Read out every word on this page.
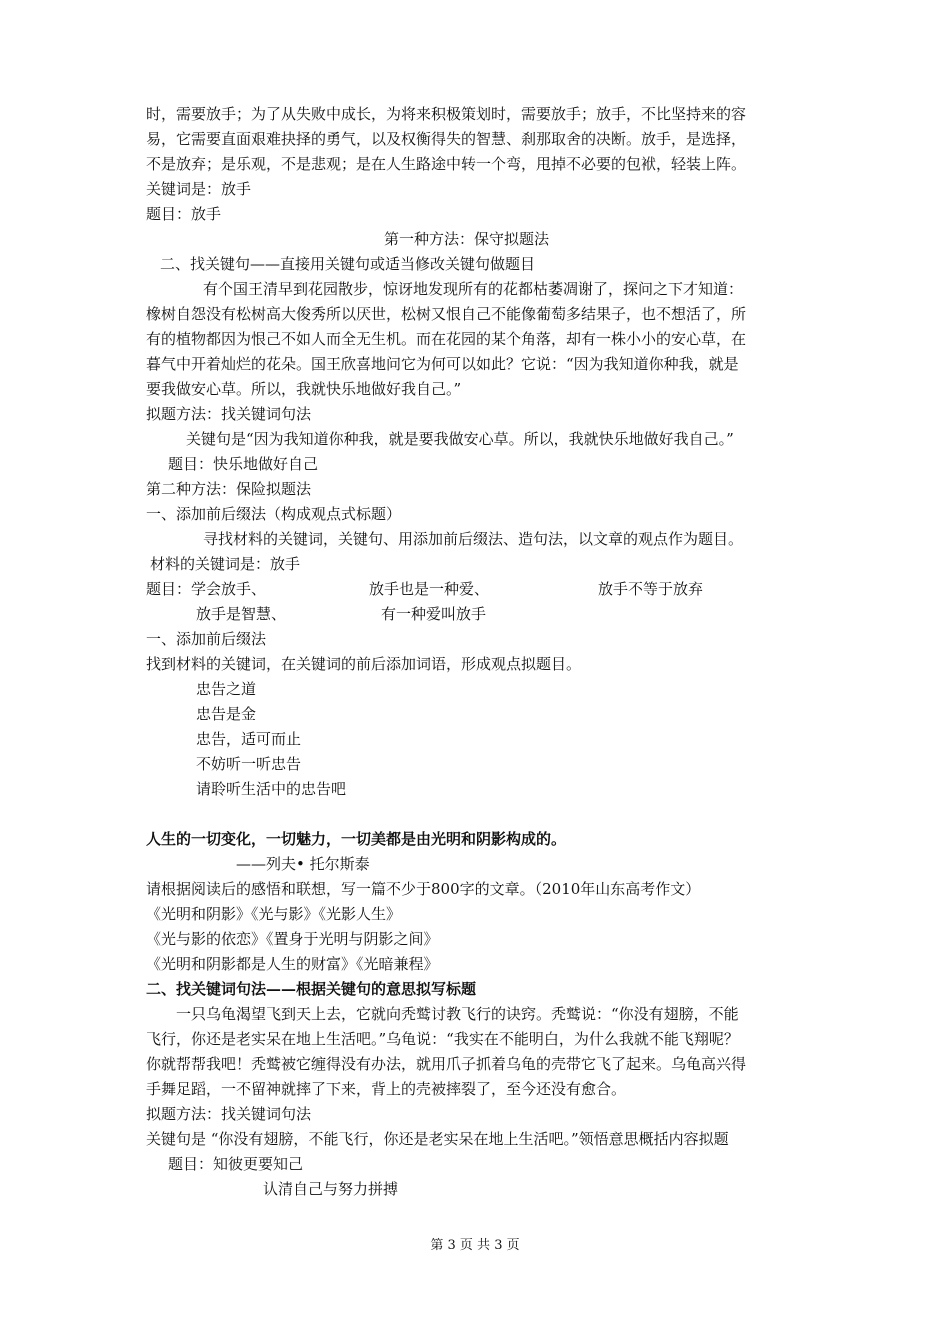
时，需要放手；为了从失败中成长，为将来积极策划时，需要放手；放手，不比坚持来的容
易，它需要直面艰难抉择的勇气，以及权衡得失的智慧、刹那取舍的决断。放手，是选择，
不是放弃；是乐观，不是悲观；是在人生路途中转一个弯，甩掉不必要的包袱，轻装上阵。
关键词是：放手
题目：放手
第一种方法：保守拟题法
二、找关键句——直接用关键句或适当修改关键句做题目
有个国王清早到花园散步，惊讶地发现所有的花都枯萎凋谢了，探问之下才知道：
橡树自怨没有松树高大俊秀所以厌世，松树又恨自己不能像葡萄多结果子，也不想活了，所
有的植物都因为恨己不如人而全无生机。而在花园的某个角落，却有一株小小的安心草，在
暮气中开着灿烂的花朵。国王欣喜地问它为何可以如此？它说：“因为我知道你种我，就是
要我做安心草。所以，我就快乐地做好我自己。”
拟题方法：找关键词句法
关键句是“因为我知道你种我，就是要我做安心草。所以，我就快乐地做好我自己。”
题目：快乐地做好自己
第二种方法：保险拟题法
一、添加前后缀法（构成观点式标题）
寻找材料的关键词，关键句、用添加前后缀法、造句法，以文章的观点作为题目。
材料的关键词是：放手
题目：学会放手、	放手也是一种爱、	放手不等于放弃
放手是智慧、	有一种爱叫放手
一、添加前后缀法
找到材料的关键词，在关键词的前后添加词语，形成观点拟题目。
忠告之道
忠告是金
忠告，适可而止
不妨听一听忠告
请聆听生活中的忠告吧
人生的一切变化，一切魅力，一切美都是由光明和阴影构成的。
——列夫• 托尔斯泰
请根据阅读后的感悟和联想，写一篇不少于800字的文章。（2010年山东高考作文）
《光明和阴影》《光与影》《光影人生》
《光与影的依恋》《置身于光明与阴影之间》
《光明和阴影都是人生的财富》《光暗兼程》
二、找关键词句法——根据关键句的意思拟写标题
一只乌龟渴望飞到天上去，它就向秃鹫讨教飞行的诀窍。秃鹫说：“你没有翅膀，不能
飞行，你还是老实呆在地上生活吧。”乌龟说：“我实在不能明白，为什么我就不能飞翔呢？
你就帮帮我吧！秃鹫被它缠得没有办法，就用爪子抓着乌龟的壳带它飞了起来。乌龟高兴得
手舞足蹈，一不留神就摔了下来，背上的壳被摔裂了，至今还没有愈合。
拟题方法：找关键词句法
关键句是 “你没有翅膀，不能飞行，你还是老实呆在地上生活吧。”领悟意思概括内容拟题
题目：知彼更要知己
认清自己与努力拼搏
第 3 页 共 3 页
